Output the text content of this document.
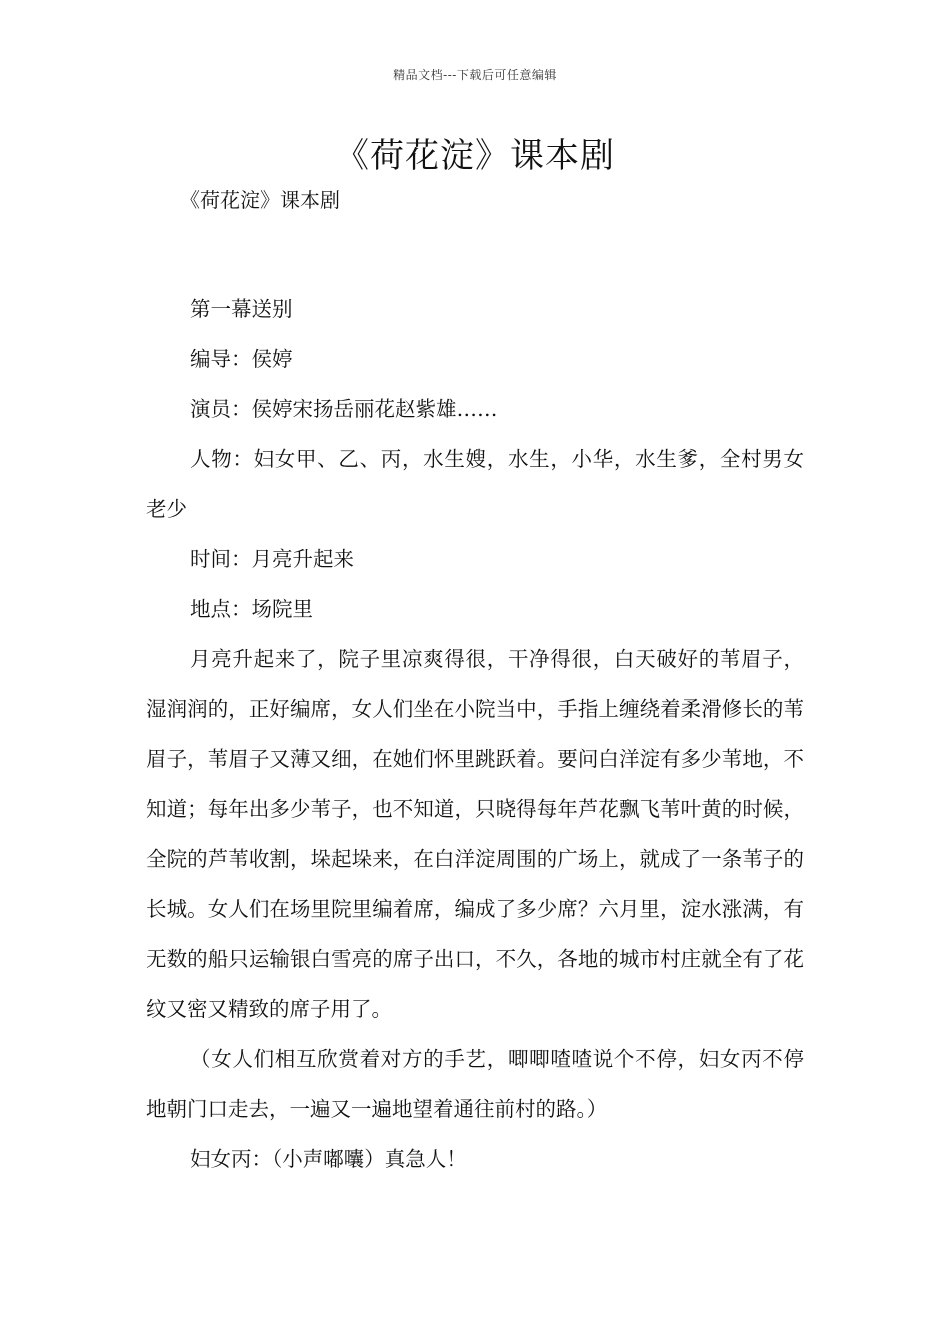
精品文档---下载后可任意编辑
《荷花淀》课本剧
《荷花淀》课本剧

第一幕送别

编导：侯婷

演员：侯婷宋扬岳丽花赵紫雄……

人物：妇女甲、乙、丙，水生嫂，水生，小华，水生爹，全村男女老少

时间：月亮升起来

地点：场院里

月亮升起来了，院子里凉爽得很，干净得很，白天破好的苇眉子，湿润润的，正好编席，女人们坐在小院当中，手指上缠绕着柔滑修长的苇眉子，苇眉子又薄又细，在她们怀里跳跃着。要问白洋淀有多少苇地，不知道；每年出多少苇子，也不知道，只晓得每年芦花飘飞苇叶黄的时候，全院的芦苇收割，垛起垛来，在白洋淀周围的广场上，就成了一条苇子的长城。女人们在场里院里编着席，编成了多少席？六月里，淀水涨满，有无数的船只运输银白雪亮的席子出口，不久，各地的城市村庄就全有了花纹又密又精致的席子用了。

（女人们相互欣赏着对方的手艺，唧唧喳喳说个不停，妇女丙不停地朝门口走去，一遍又一遍地望着通往前村的路。）

妇女丙：（小声嘟囔）真急人！
